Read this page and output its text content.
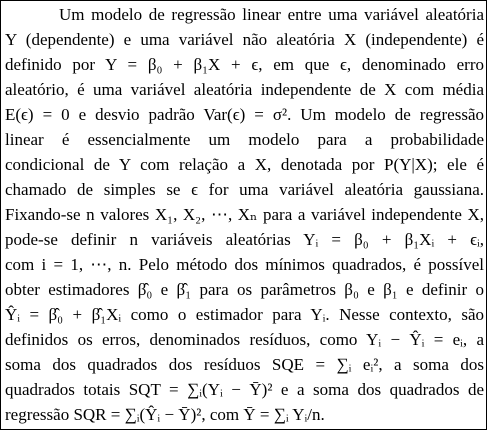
Um modelo de regressão linear entre uma variável aleatória
Y (dependente) e uma variável não aleatória X (independente) é
definido por Y = β₀ + β₁X + ϵ, em que ϵ, denominado erro
aleatório, é uma variável aleatória independente de X com média
E(ϵ) = 0 e desvio padrão Var(ϵ) = σ². Um modelo de regressão
linear é essencialmente um modelo para a probabilidade
condicional de Y com relação a X, denotada por P(Y|X); ele é
chamado de simples se ϵ for uma variável aleatória gaussiana.
Fixando-se n valores X₁, X₂, ⋯, Xₙ para a variável independente X,
pode-se definir n variáveis aleatórias Yᵢ = β₀ + β₁Xᵢ + ϵᵢ,
com i = 1, ⋯, n. Pelo método dos mínimos quadrados, é possível
obter estimadores β̂₀ e β̂₁ para os parâmetros β₀ e β₁ e definir o
Ŷᵢ = β̂₀ + β̂₁Xᵢ como o estimador para Yᵢ. Nesse contexto, são
definidos os erros, denominados resíduos, como Yᵢ − Ŷᵢ = eᵢ, a
soma dos quadrados dos resíduos SQE = ∑ᵢ eᵢ², a soma dos
quadrados totais SQT = ∑ᵢ(Yᵢ − Ȳ)² e a soma dos quadrados de
regressão SQR = ∑ᵢ(Ŷᵢ − Ȳ)², com Ȳ = ∑ᵢ Yᵢ/n.
